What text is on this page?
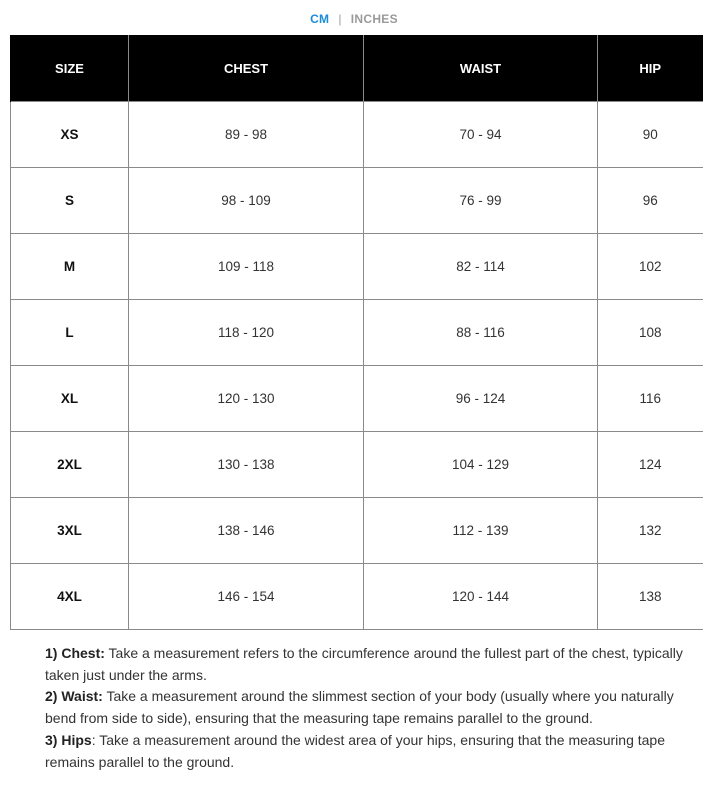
CM | INCHES
SIZE	CHEST	WAIST	HIP
XS	89 - 98	70 - 94	90
S	98 - 109	76 - 99	96
M	109 - 118	82 - 114	102
L	118 - 120	88 - 116	108
XL	120 - 130	96 - 124	116
2XL	130 - 138	104 - 129	124
3XL	138 - 146	112 - 139	132
4XL	146 - 154	120 - 144	138

1) Chest: Take a measurement refers to the circumference around the fullest part of the chest, typically taken just under the arms.

2) Waist: Take a measurement around the slimmest section of your body (usually where you naturally bend from side to side), ensuring that the measuring tape remains parallel to the ground.

3) Hips: Take a measurement around the widest area of your hips, ensuring that the measuring tape remains parallel to the ground.
